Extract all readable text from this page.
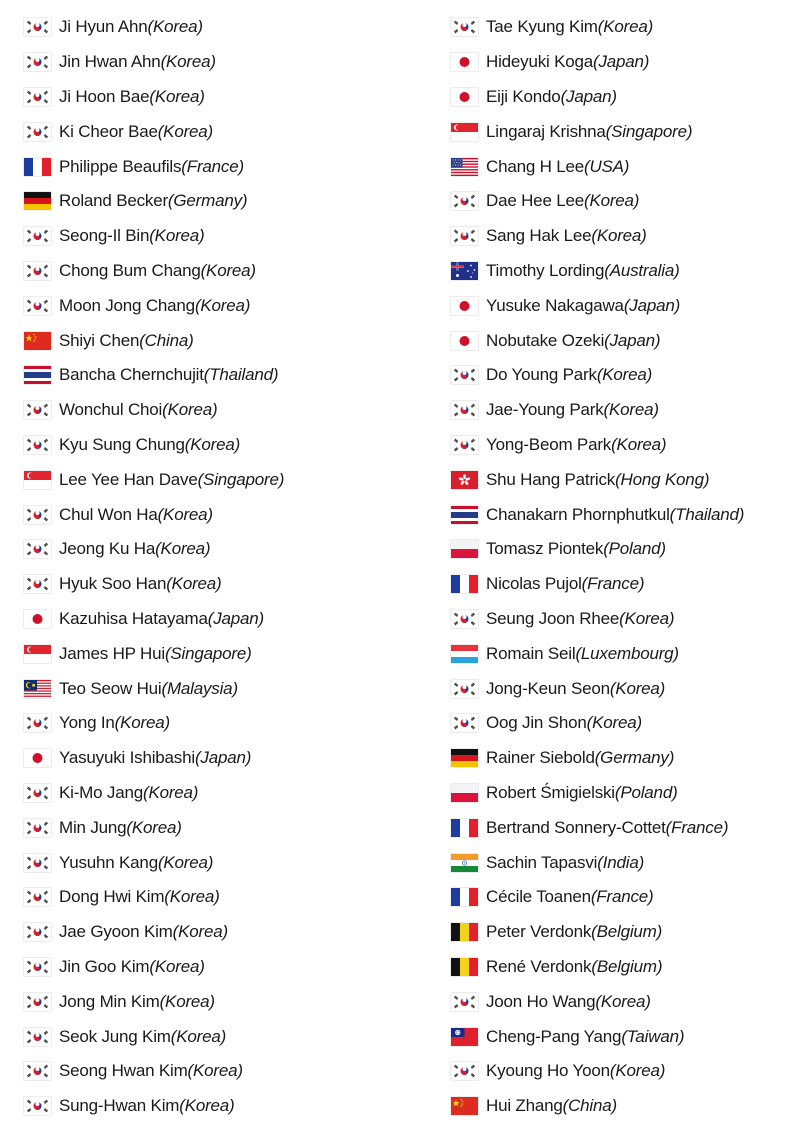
Ji Hyun Ahn (Korea)
Jin Hwan Ahn (Korea)
Ji Hoon Bae (Korea)
Ki Cheor Bae (Korea)
Philippe Beaufils (France)
Roland Becker (Germany)
Seong-Il Bin (Korea)
Chong Bum Chang (Korea)
Moon Jong Chang (Korea)
Shiyi Chen (China)
Bancha Chernchujit (Thailand)
Wonchul Choi (Korea)
Kyu Sung Chung (Korea)
Lee Yee Han Dave (Singapore)
Chul Won Ha (Korea)
Jeong Ku Ha (Korea)
Hyuk Soo Han (Korea)
Kazuhisa Hatayama (Japan)
James HP Hui (Singapore)
Teo Seow Hui (Malaysia)
Yong In (Korea)
Yasuyuki Ishibashi (Japan)
Ki-Mo Jang (Korea)
Min Jung (Korea)
Yusuhn Kang (Korea)
Dong Hwi Kim (Korea)
Jae Gyoon Kim (Korea)
Jin Goo Kim (Korea)
Jong Min Kim (Korea)
Seok Jung Kim (Korea)
Seong Hwan Kim (Korea)
Sung-Hwan Kim (Korea)
Tae Kyung Kim (Korea)
Hideyuki Koga (Japan)
Eiji Kondo (Japan)
Lingaraj Krishna (Singapore)
Chang H Lee (USA)
Dae Hee Lee (Korea)
Sang Hak Lee (Korea)
Timothy Lording (Australia)
Yusuke Nakagawa (Japan)
Nobutake Ozeki (Japan)
Do Young Park (Korea)
Jae-Young Park (Korea)
Yong-Beom Park (Korea)
Shu Hang Patrick (Hong Kong)
Chanakarn Phornphutkul (Thailand)
Tomasz Piontek (Poland)
Nicolas Pujol (France)
Seung Joon Rhee (Korea)
Romain Seil (Luxembourg)
Jong-Keun Seon (Korea)
Oog Jin Shon (Korea)
Rainer Siebold (Germany)
Robert Śmigielski (Poland)
Bertrand Sonnery-Cottet (France)
Sachin Tapasvi (India)
Cécile Toanen (France)
Peter Verdonk (Belgium)
René Verdonk (Belgium)
Joon Ho Wang (Korea)
Cheng-Pang Yang (Taiwan)
Kyoung Ho Yoon (Korea)
Hui Zhang (China)
